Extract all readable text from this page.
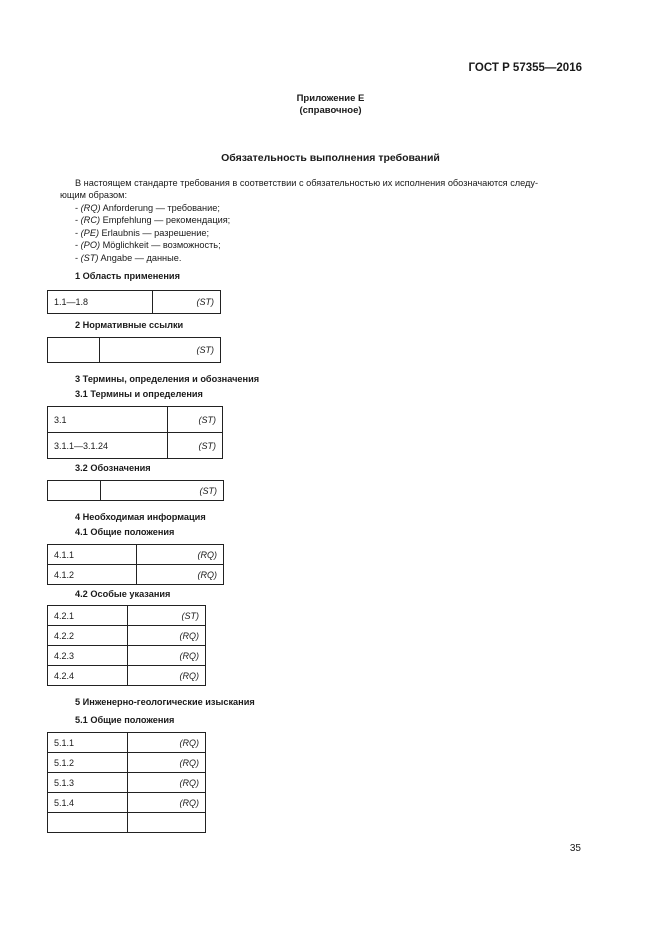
ГОСТ Р 57355—2016
Приложение Е
(справочное)
Обязательность выполнения требований
В настоящем стандарте требования в соответствии с обязательностью их исполнения обозначаются следу-
ющим образом:
- (RQ) Anforderung — требование;
- (RC) Empfehlung — рекомендация;
- (PE) Erlaubnis — разрешение;
- (PO) Möglichkeit — возможность;
- (ST) Angabe — данные.
1 Область применения
1.1—1.8	(ST)
2 Нормативные ссылки
	(ST)
3 Термины, определения и обозначения
3.1 Термины и определения
3.1	(ST)
3.1.1—3.1.24	(ST)
3.2 Обозначения
	(ST)
4 Необходимая информация
4.1 Общие положения
4.1.1	(RQ)
4.1.2	(RQ)
4.2 Особые указания
4.2.1	(ST)
4.2.2	(RQ)
4.2.3	(RQ)
4.2.4	(RQ)
5 Инженерно-геологические изыскания
5.1 Общие положения
5.1.1	(RQ)
5.1.2	(RQ)
5.1.3	(RQ)
5.1.4	(RQ)

35
